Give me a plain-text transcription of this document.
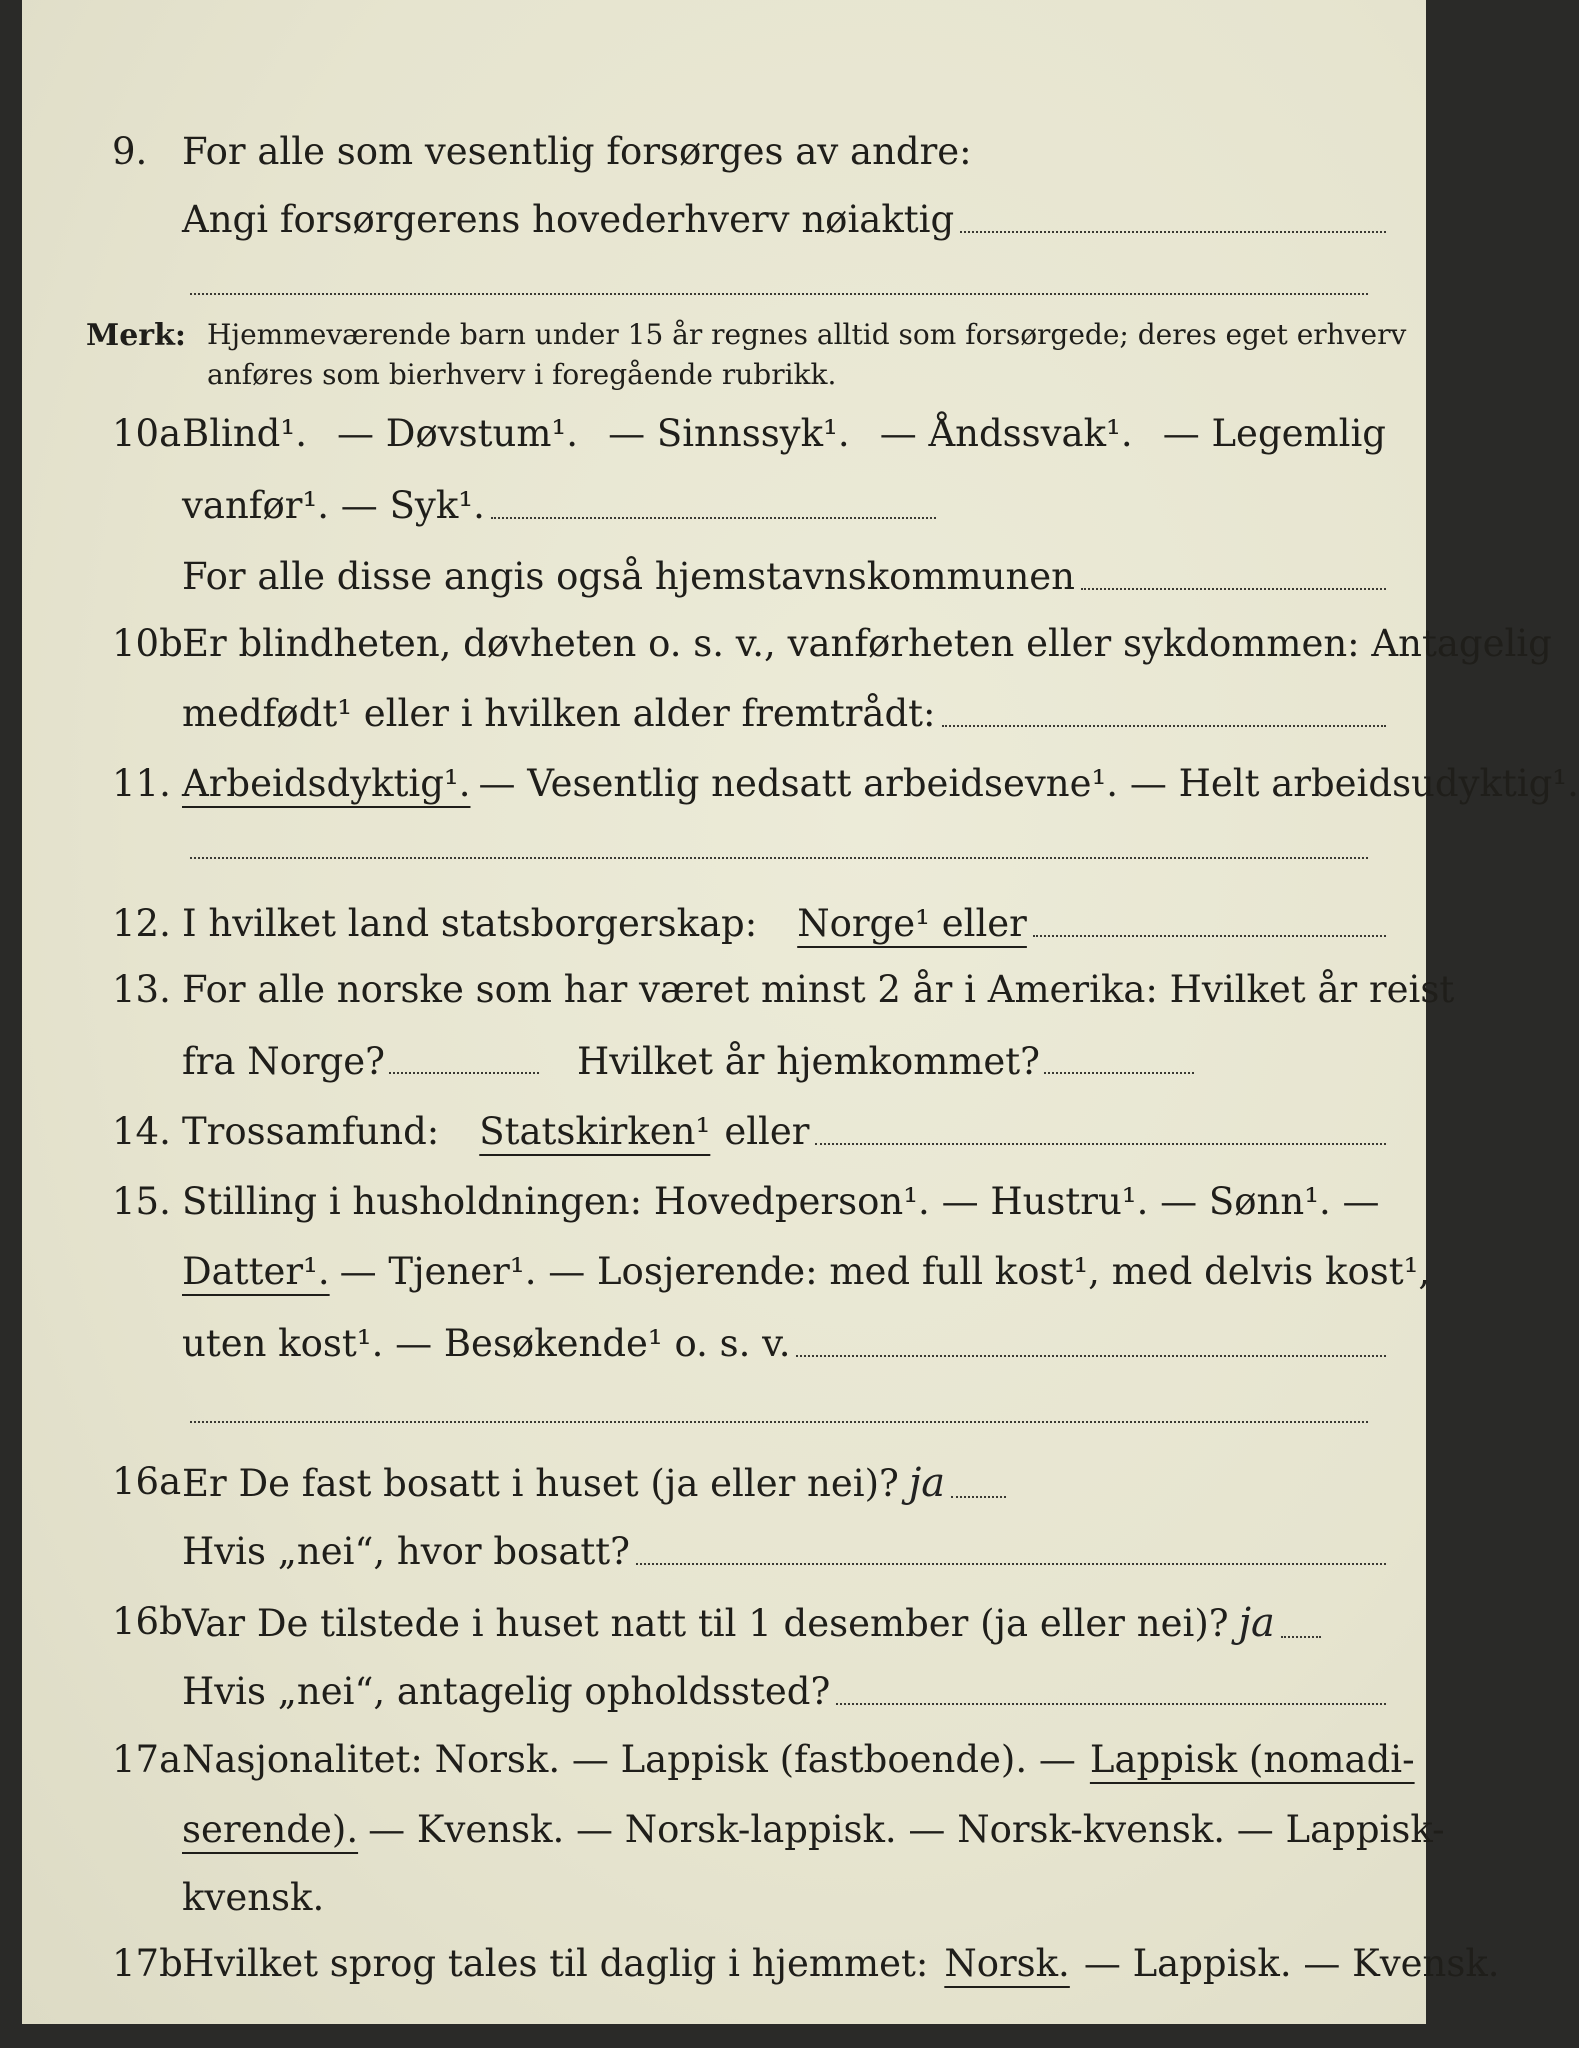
9. For alle som vesentlig forsørges av andre:
Angi forsørgerens hovederhverv nøiaktig
Merk: Hjemmeværende barn under 15 år regnes alltid som forsørgede; deres eget erhverv
anføres som bierhverv i foregående rubrikk.
10a Blind¹. — Døvstum¹. — Sinnssyk¹. — Åndssvak¹. — Legemlig
vanfør¹. — Syk¹.
For alle disse angis også hjemstavnskommunen
10b Er blindheten, døvheten o. s. v., vanførheten eller sykdommen: Antagelig
medfødt¹ eller i hvilken alder fremtrådt:
11. Arbeidsdyktig¹. — Vesentlig nedsatt arbeidsevne¹. — Helt arbeidsudyktig¹.
12. I hvilket land statsborgerskap: Norge¹ eller
13. For alle norske som har været minst 2 år i Amerika: Hvilket år reist
fra Norge?	Hvilket år hjemkommet?
14. Trossamfund: Statskirken¹ eller
15. Stilling i husholdningen: Hovedperson¹. — Hustru¹. — Sønn¹. —
Datter¹. — Tjener¹. — Losjerende: med full kost¹, med delvis kost¹,
uten kost¹. — Besøkende¹ o. s. v.
16a Er De fast bosatt i huset (ja eller nei)? ja
Hvis „nei“, hvor bosatt?
16b Var De tilstede i huset natt til 1 desember (ja eller nei)? ja
Hvis „nei“, antagelig opholdssted?
17a Nasjonalitet: Norsk. — Lappisk (fastboende). — Lappisk (nomadi-
serende). — Kvensk. — Norsk-lappisk. — Norsk-kvensk. — Lappisk-
kvensk.
17b Hvilket sprog tales til daglig i hjemmet: Norsk. — Lappisk. — Kvensk.
